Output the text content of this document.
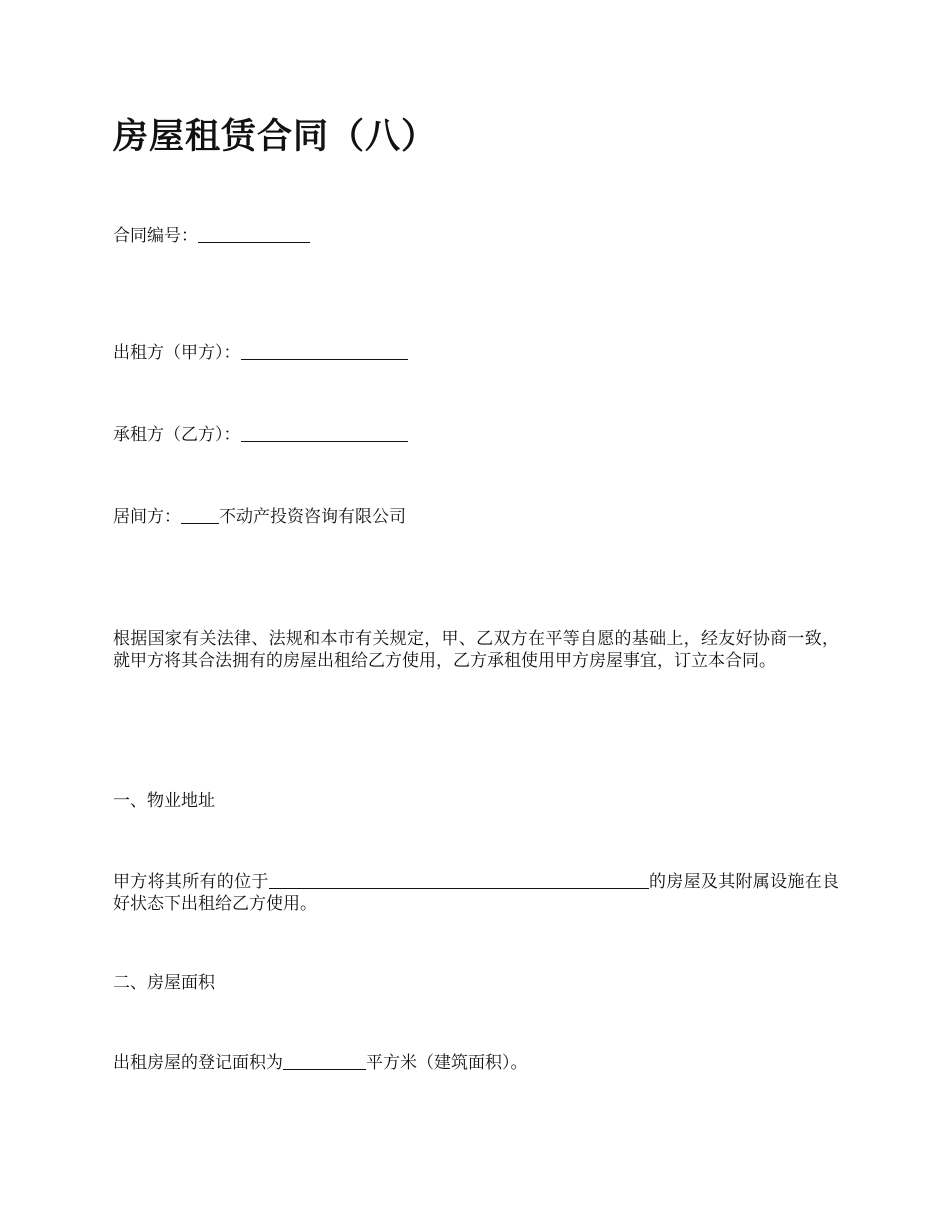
房屋租赁合同（八）

合同编号：

出租方（甲方）：

承租方（乙方）：

居间方： 不动产投资咨询有限公司

根据国家有关法律、法规和本市有关规定，甲、乙双方在平等自愿的基础上，经友好协商一致，就甲方将其合法拥有的房屋出租给乙方使用，乙方承租使用甲方房屋事宜，订立本合同。

一、物业地址

甲方将其所有的位于	的房屋及其附属设施在良好状态下出租给乙方使用。

二、房屋面积

出租房屋的登记面积为	平方米（建筑面积）。
